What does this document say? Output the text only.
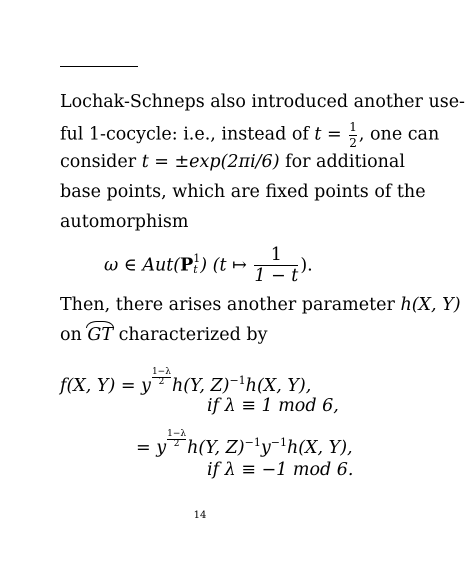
Lochak-Schneps also introduced another use-
ful 1-cocycle: i.e., instead of $t = \frac{1}{2}$ , one can
consider t = ±exp(2πi/6) for additional
base points, which are fixed points of the
automorphism
ω ∈ Aut(P 1
t ) (t ↦ $\frac{1}{1 - t}$ ).
Then, there arises another parameter h(X, Y)
on GT characterized by
f(X, Y) = y $\frac{1-\lambda}{2} h(Y$, Z)$^{-1}$h(X, Y),
if λ ≡ 1 mod 6,
= y $\frac{1-\lambda}{2} h(Y$, $Z)^{-1}y^{-1}h(X$, Y),
if λ ≡ −1 mod 6.
14
